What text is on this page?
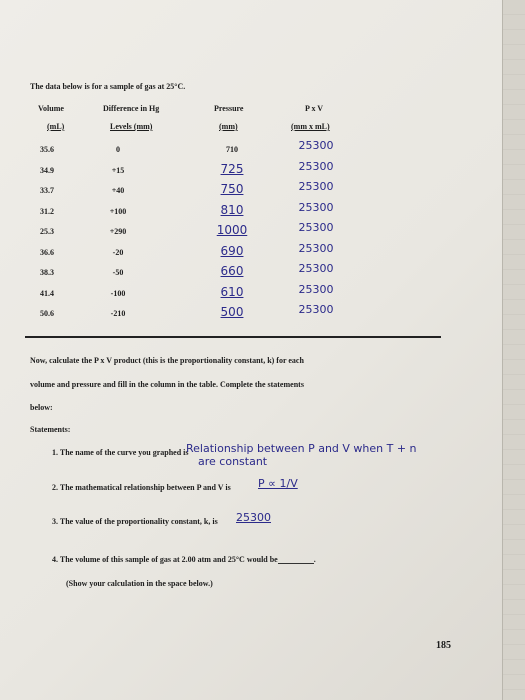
The data below is for a sample of gas at 25°C.
Volume
(mL)
Difference in Hg
Levels (mm)
Pressure
(mm)
P x V
(mm x mL)
35.6	0	710	25300
34.9	+15	725	25300
33.7	+40	750	25300
31.2	+100	810	25300
25.3	+290	1000	25300
36.6	-20	690	25300
38.3	-50	660	25300
41.4	-100	610	25300
50.6	-210	500	25300
Now, calculate the P x V product (this is the proportionality constant, k) for each
volume and pressure and fill in the column in the table. Complete the statements
below:
Statements:
1. The name of the curve you graphed is
Relationship between P and V when T + n
are constant
2. The mathematical relationship between P and V is P ∝ 1/V
3. The value of the proportionality constant, k, is 25300
4. The volume of this sample of gas at 2.00 atm and 25°C would be	.
(Show your calculation in the space below.)
185
